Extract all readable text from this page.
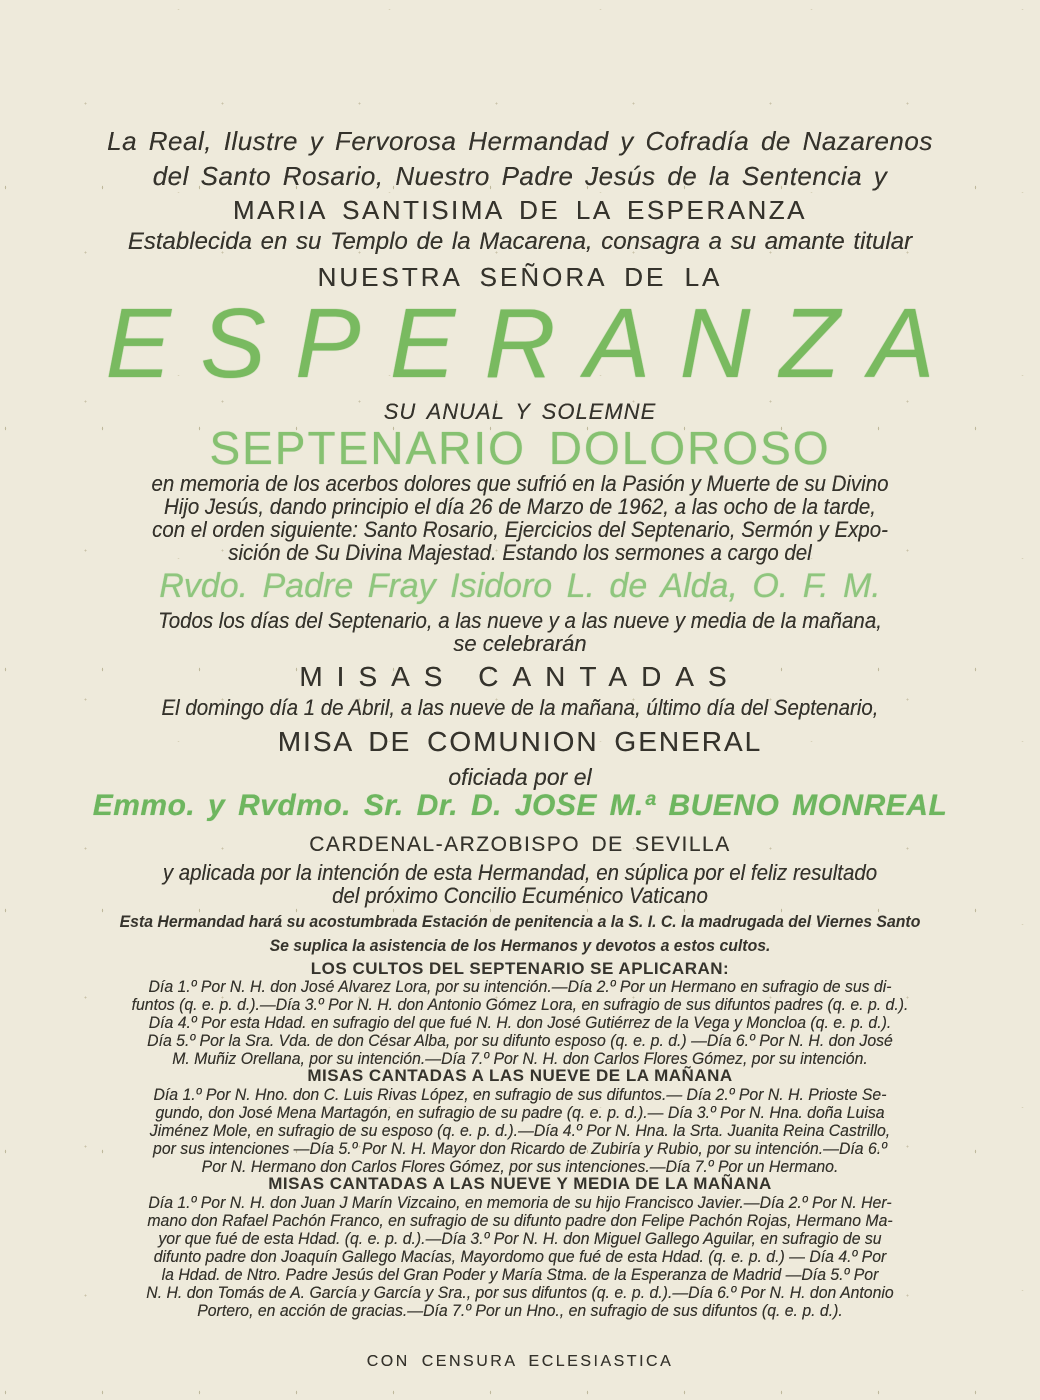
La Real, Ilustre y Fervorosa Hermandad y Cofradía de Nazarenos
del Santo Rosario, Nuestro Padre Jesús de la Sentencia y
MARIA SANTISIMA DE LA ESPERANZA
Establecida en su Templo de la Macarena, consagra a su amante titular
NUESTRA SEÑORA DE LA
ESPERANZA
SU ANUAL Y SOLEMNE
SEPTENARIO DOLOROSO
en memoria de los acerbos dolores que sufrió en la Pasión y Muerte de su Divino
Hijo Jesús, dando principio el día 26 de Marzo de 1962, a las ocho de la tarde,
con el orden siguiente: Santo Rosario, Ejercicios del Septenario, Sermón y Expo-
sición de Su Divina Majestad. Estando los sermones a cargo del
Rvdo. Padre Fray Isidoro L. de Alda, O. F. M.
Todos los días del Septenario, a las nueve y a las nueve y media de la mañana,
se celebrarán
MISAS CANTADAS
El domingo día 1 de Abril, a las nueve de la mañana, último día del Septenario,
MISA DE COMUNION GENERAL
oficiada por el
Emmo. y Rvdmo. Sr. Dr. D. JOSE M.ª BUENO MONREAL
CARDENAL-ARZOBISPO DE SEVILLA
y aplicada por la intención de esta Hermandad, en súplica por el feliz resultado
del próximo Concilio Ecuménico Vaticano
Esta Hermandad hará su acostumbrada Estación de penitencia a la S. I. C. la madrugada del Viernes Santo
Se suplica la asistencia de los Hermanos y devotos a estos cultos.
LOS CULTOS DEL SEPTENARIO SE APLICARAN:
Día 1.º Por N. H. don José Alvarez Lora, por su intención.—Día 2.º Por un Hermano en sufragio de sus di-
funtos (q. e. p. d.).—Día 3.º Por N. H. don Antonio Gómez Lora, en sufragio de sus difuntos padres (q. e. p. d.).
Día 4.º Por esta Hdad. en sufragio del que fué N. H. don José Gutiérrez de la Vega y Moncloa (q. e. p. d.).
Día 5.º Por la Sra. Vda. de don César Alba, por su difunto esposo (q. e. p. d.) —Día 6.º Por N. H. don José
M. Muñiz Orellana, por su intención.—Día 7.º Por N. H. don Carlos Flores Gómez, por su intención.
MISAS CANTADAS A LAS NUEVE DE LA MAÑANA
Día 1.º Por N. Hno. don C. Luis Rivas López, en sufragio de sus difuntos.— Día 2.º Por N. H. Prioste Se-
gundo, don José Mena Martagón, en sufragio de su padre (q. e. p. d.).— Día 3.º Por N. Hna. doña Luisa
Jiménez Mole, en sufragio de su esposo (q. e. p. d.).—Día 4.º Por N. Hna. la Srta. Juanita Reina Castrillo,
por sus intenciones —Día 5.º Por N. H. Mayor don Ricardo de Zubiría y Rubio, por su intención.—Día 6.º
Por N. Hermano don Carlos Flores Gómez, por sus intenciones.—Día 7.º Por un Hermano.
MISAS CANTADAS A LAS NUEVE Y MEDIA DE LA MAÑANA
Día 1.º Por N. H. don Juan J Marín Vizcaino, en memoria de su hijo Francisco Javier.—Día 2.º Por N. Her-
mano don Rafael Pachón Franco, en sufragio de su difunto padre don Felipe Pachón Rojas, Hermano Ma-
yor que fué de esta Hdad. (q. e. p. d.).—Día 3.º Por N. H. don Miguel Gallego Aguilar, en sufragio de su
difunto padre don Joaquín Gallego Macías, Mayordomo que fué de esta Hdad. (q. e. p. d.) — Día 4.º Por
la Hdad. de Ntro. Padre Jesús del Gran Poder y María Stma. de la Esperanza de Madrid —Día 5.º Por
N. H. don Tomás de A. García y García y Sra., por sus difuntos (q. e. p. d.).—Día 6.º Por N. H. don Antonio
Portero, en acción de gracias.—Día 7.º Por un Hno., en sufragio de sus difuntos (q. e. p. d.).
CON CENSURA ECLESIASTICA
